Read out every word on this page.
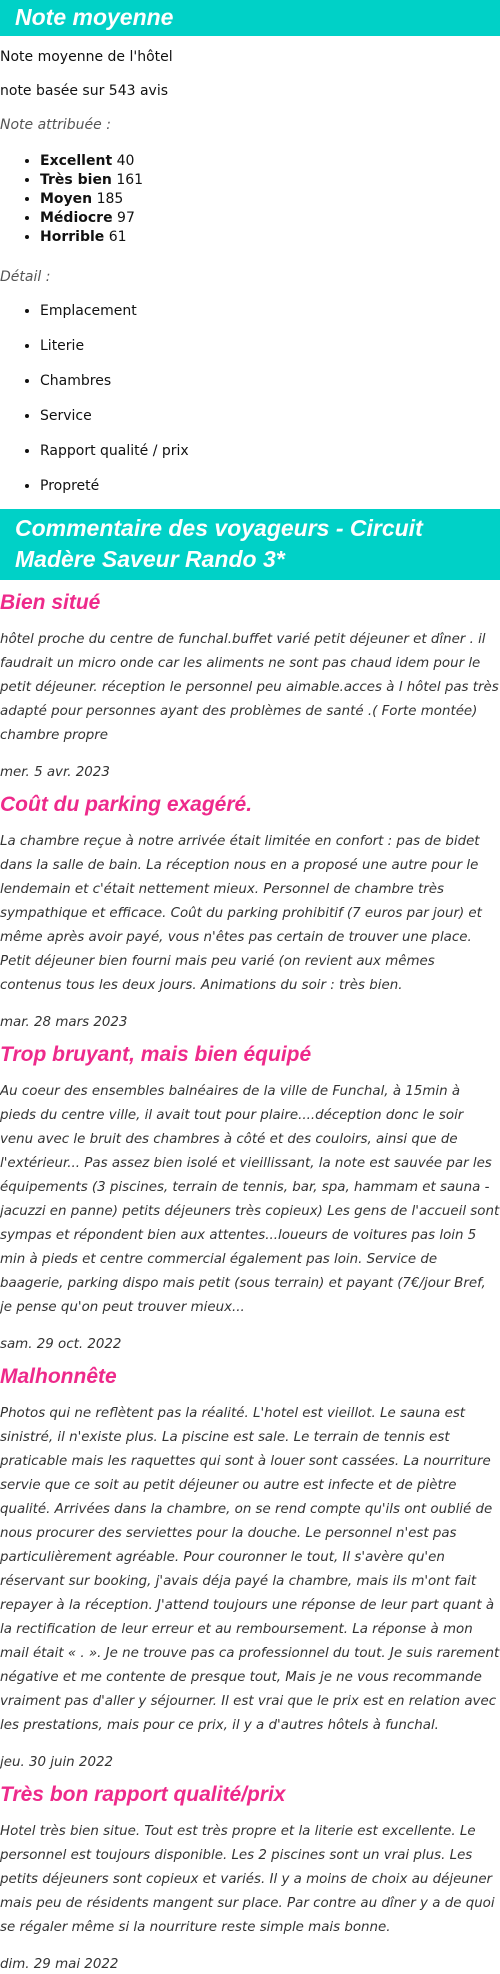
Note moyenne

Note moyenne de l'hôtel

note basée sur 543 avis

Note attribuée :

• Excellent 40
• Très bien 161
• Moyen 185
• Médiocre 97
• Horrible 61

Détail :

• Emplacement
• Literie
• Chambres
• Service
• Rapport qualité / prix
• Propreté
Commentaire des voyageurs - Circuit Madère Saveur Rando 3*
Bien situé

hôtel proche du centre de funchal.buffet varié petit déjeuner et dîner . il faudrait un micro onde car les aliments ne sont pas chaud idem pour le petit déjeuner. réception le personnel peu aimable.acces à l hôtel pas très adapté pour personnes ayant des problèmes de santé .( Forte montée) chambre propre

mer. 5 avr. 2023

Coût du parking exagéré.

La chambre reçue à notre arrivée était limitée en confort : pas de bidet dans la salle de bain. La réception nous en a proposé une autre pour le lendemain et c'était nettement mieux. Personnel de chambre très sympathique et efficace. Coût du parking prohibitif (7 euros par jour) et même après avoir payé, vous n'êtes pas certain de trouver une place. Petit déjeuner bien fourni mais peu varié (on revient aux mêmes contenus tous les deux jours. Animations du soir : très bien.

mar. 28 mars 2023

Trop bruyant, mais bien équipé

Au coeur des ensembles balnéaires de la ville de Funchal, à 15min à pieds du centre ville, il avait tout pour plaire....déception donc le soir venu avec le bruit des chambres à côté et des couloirs, ainsi que de l'extérieur... Pas assez bien isolé et vieillissant, la note est sauvée par les équipements (3 piscines, terrain de tennis, bar, spa, hammam et sauna - jacuzzi en panne) petits déjeuners très copieux) Les gens de l'accueil sont sympas et répondent bien aux attentes...loueurs de voitures pas loin 5 min à pieds et centre commercial également pas loin. Service de baagerie, parking dispo mais petit (sous terrain) et payant (7€/jour Bref, je pense qu'on peut trouver mieux...

sam. 29 oct. 2022

Malhonnête

Photos qui ne reflètent pas la réalité. L'hotel est vieillot. Le sauna est sinistré, il n'existe plus. La piscine est sale. Le terrain de tennis est praticable mais les raquettes qui sont à louer sont cassées. La nourriture servie que ce soit au petit déjeuner ou autre est infecte et de piètre qualité. Arrivées dans la chambre, on se rend compte qu'ils ont oublié de nous procurer des serviettes pour la douche. Le personnel n'est pas particulièrement agréable. Pour couronner le tout, Il s'avère qu'en réservant sur booking, j'avais déja payé la chambre, mais ils m'ont fait repayer à la réception. J'attend toujours une réponse de leur part quant à la rectification de leur erreur et au remboursement. La réponse à mon mail était « . ». Je ne trouve pas ca professionnel du tout. Je suis rarement négative et me contente de presque tout, Mais je ne vous recommande vraiment pas d'aller y séjourner. Il est vrai que le prix est en relation avec les prestations, mais pour ce prix, il y a d'autres hôtels à funchal.

jeu. 30 juin 2022

Très bon rapport qualité/prix

Hotel très bien situe. Tout est très propre et la literie est excellente. Le personnel est toujours disponible. Les 2 piscines sont un vrai plus. Les petits déjeuners sont copieux et variés. Il y a moins de choix au déjeuner mais peu de résidents mangent sur place. Par contre au dîner y a de quoi se régaler même si la nourriture reste simple mais bonne.

dim. 29 mai 2022
